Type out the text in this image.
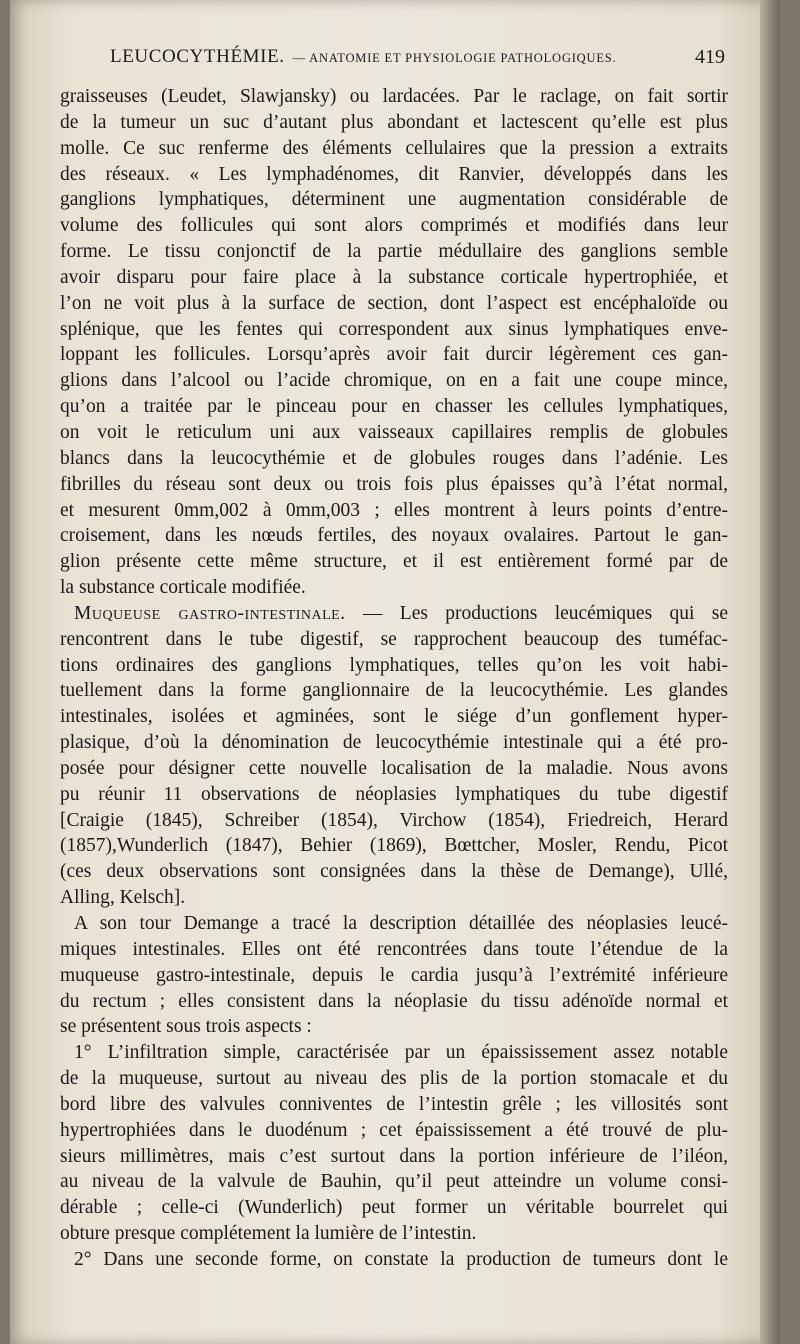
LEUCOCYTHÉMIE. — ANATOMIE ET PHYSIOLOGIE PATHOLOGIQUES.	419
graisseuses (Leudet, Slawjansky) ou lardacées. Par le raclage, on fait sortir
de la tumeur un suc d’autant plus abondant et lactescent qu’elle est plus
molle. Ce suc renferme des éléments cellulaires que la pression a extraits
des réseaux. « Les lymphadénomes, dit Ranvier, développés dans les
ganglions lymphatiques, déterminent une augmentation considérable de
volume des follicules qui sont alors comprimés et modifiés dans leur
forme. Le tissu conjonctif de la partie médullaire des ganglions semble
avoir disparu pour faire place à la substance corticale hypertrophiée, et
l’on ne voit plus à la surface de section, dont l’aspect est encéphaloïde ou
splénique, que les fentes qui correspondent aux sinus lymphatiques enve-
loppant les follicules. Lorsqu’après avoir fait durcir légèrement ces gan-
glions dans l’alcool ou l’acide chromique, on en a fait une coupe mince,
qu’on a traitée par le pinceau pour en chasser les cellules lymphatiques,
on voit le reticulum uni aux vaisseaux capillaires remplis de globules
blancs dans la leucocythémie et de globules rouges dans l’adénie. Les
fibrilles du réseau sont deux ou trois fois plus épaisses qu’à l’état normal,
et mesurent 0mm,002 à 0mm,003 ; elles montrent à leurs points d’entre-
croisement, dans les nœuds fertiles, des noyaux ovalaires. Partout le gan-
glion présente cette même structure, et il est entièrement formé par de
la substance corticale modifiée.
Muqueuse gastro-intestinale. — Les productions leucémiques qui se
rencontrent dans le tube digestif, se rapprochent beaucoup des tuméfac-
tions ordinaires des ganglions lymphatiques, telles qu’on les voit habi-
tuellement dans la forme ganglionnaire de la leucocythémie. Les glandes
intestinales, isolées et agminées, sont le siége d’un gonflement hyper-
plasique, d’où la dénomination de leucocythémie intestinale qui a été pro-
posée pour désigner cette nouvelle localisation de la maladie. Nous avons
pu réunir 11 observations de néoplasies lymphatiques du tube digestif
[Craigie (1845), Schreiber (1854), Virchow (1854), Friedreich, Herard
(1857),Wunderlich (1847), Behier (1869), Bœttcher, Mosler, Rendu, Picot
(ces deux observations sont consignées dans la thèse de Demange), Ullé,
Alling, Kelsch].
A son tour Demange a tracé la description détaillée des néoplasies leucé-
miques intestinales. Elles ont été rencontrées dans toute l’étendue de la
muqueuse gastro-intestinale, depuis le cardia jusqu’à l’extrémité inférieure
du rectum ; elles consistent dans la néoplasie du tissu adénoïde normal et
se présentent sous trois aspects :
1° L’infiltration simple, caractérisée par un épaississement assez notable
de la muqueuse, surtout au niveau des plis de la portion stomacale et du
bord libre des valvules conniventes de l’intestin grêle ; les villosités sont
hypertrophiées dans le duodénum ; cet épaississement a été trouvé de plu-
sieurs millimètres, mais c’est surtout dans la portion inférieure de l’iléon,
au niveau de la valvule de Bauhin, qu’il peut atteindre un volume consi-
dérable ; celle-ci (Wunderlich) peut former un véritable bourrelet qui
obture presque complétement la lumière de l’intestin.
2° Dans une seconde forme, on constate la production de tumeurs dont le
